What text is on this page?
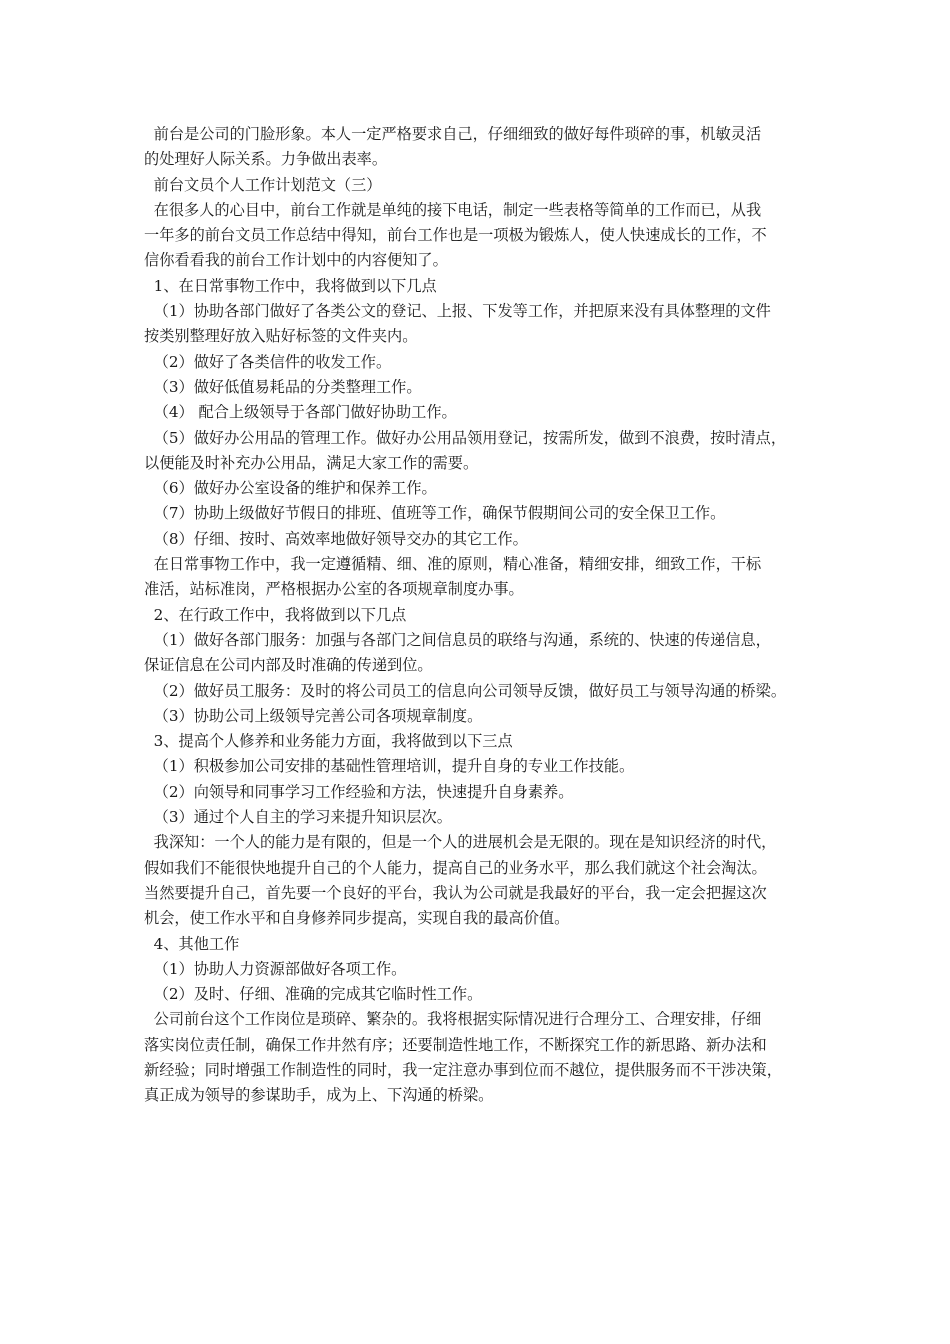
前台是公司的门脸形象。本人一定严格要求自己，仔细细致的做好每件琐碎的事，机敏灵活

的处理好人际关系。力争做出表率。

前台文员个人工作计划范文（三）

在很多人的心目中，前台工作就是单纯的接下电话，制定一些表格等简单的工作而已，从我

一年多的前台文员工作总结中得知，前台工作也是一项极为锻炼人，使人快速成长的工作，不

信你看看我的前台工作计划中的内容便知了。

1、在日常事物工作中，我将做到以下几点

（1）协助各部门做好了各类公文的登记、上报、下发等工作，并把原来没有具体整理的文件

按类别整理好放入贴好标签的文件夹内。

（2）做好了各类信件的收发工作。

（3）做好低值易耗品的分类整理工作。

（4） 配合上级领导于各部门做好协助工作。

（5）做好办公用品的管理工作。做好办公用品领用登记，按需所发，做到不浪费，按时清点，

以便能及时补充办公用品，满足大家工作的需要。

（6）做好办公室设备的维护和保养工作。

（7）协助上级做好节假日的排班、值班等工作，确保节假期间公司的安全保卫工作。

（8）仔细、按时、高效率地做好领导交办的其它工作。

在日常事物工作中，我一定遵循精、细、准的原则，精心准备，精细安排，细致工作，干标

准活，站标准岗，严格根据办公室的各项规章制度办事。

2、在行政工作中，我将做到以下几点

（1）做好各部门服务：加强与各部门之间信息员的联络与沟通，系统的、快速的传递信息，

保证信息在公司内部及时准确的传递到位。

（2）做好员工服务：及时的将公司员工的信息向公司领导反馈，做好员工与领导沟通的桥梁。

（3）协助公司上级领导完善公司各项规章制度。

3、提高个人修养和业务能力方面，我将做到以下三点

（1）积极参加公司安排的基础性管理培训，提升自身的专业工作技能。

（2）向领导和同事学习工作经验和方法，快速提升自身素养。

（3）通过个人自主的学习来提升知识层次。

我深知：一个人的能力是有限的，但是一个人的进展机会是无限的。现在是知识经济的时代，

假如我们不能很快地提升自己的个人能力，提高自己的业务水平，那么我们就这个社会淘汰。

当然要提升自己，首先要一个良好的平台，我认为公司就是我最好的平台，我一定会把握这次

机会，使工作水平和自身修养同步提高，实现自我的最高价值。

4、其他工作

（1）协助人力资源部做好各项工作。

（2）及时、仔细、准确的完成其它临时性工作。

公司前台这个工作岗位是琐碎、繁杂的。我将根据实际情况进行合理分工、合理安排，仔细

落实岗位责任制，确保工作井然有序；还要制造性地工作，不断探究工作的新思路、新办法和

新经验；同时增强工作制造性的同时，我一定注意办事到位而不越位，提供服务而不干涉决策，

真正成为领导的参谋助手，成为上、下沟通的桥梁。
